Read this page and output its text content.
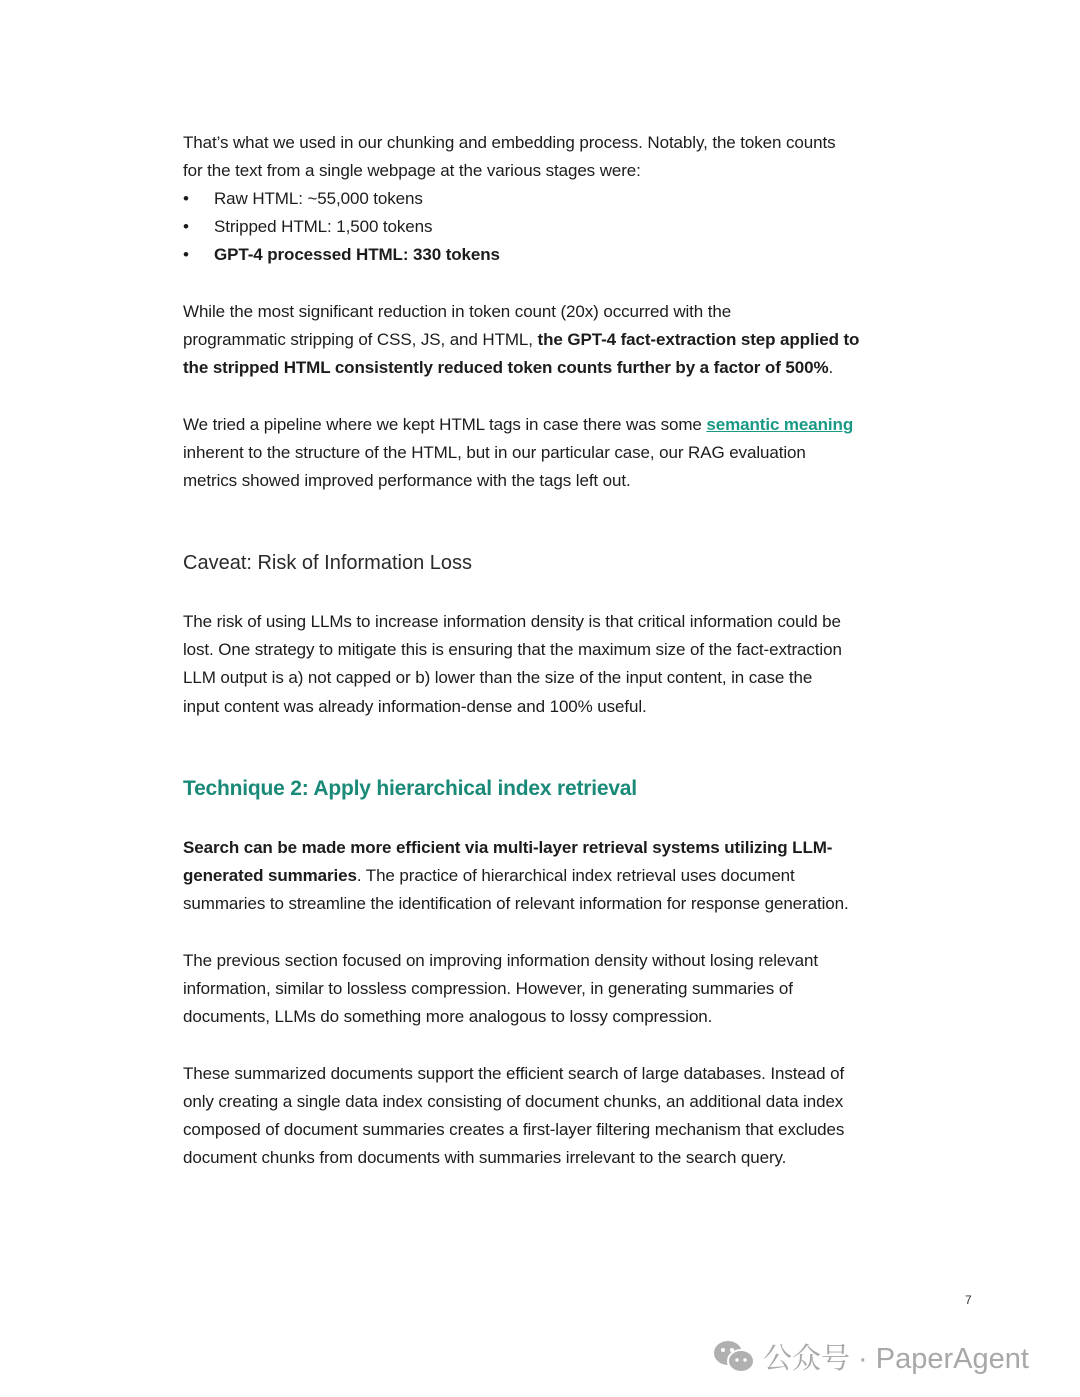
That’s what we used in our chunking and embedding process. Notably, the token counts
for the text from a single webpage at the various stages were:
• Raw HTML: ~55,000 tokens
• Stripped HTML: 1,500 tokens
• GPT-4 processed HTML: 330 tokens
While the most significant reduction in token count (20x) occurred with the
programmatic stripping of CSS, JS, and HTML, the GPT-4 fact-extraction step applied to
the stripped HTML consistently reduced token counts further by a factor of 500%.
We tried a pipeline where we kept HTML tags in case there was some semantic meaning
inherent to the structure of the HTML, but in our particular case, our RAG evaluation
metrics showed improved performance with the tags left out.
The risk of using LLMs to increase information density is that critical information could be
lost. One strategy to mitigate this is ensuring that the maximum size of the fact-extraction
LLM output is a) not capped or b) lower than the size of the input content, in case the
input content was already information-dense and 100% useful.
Search can be made more efficient via multi-layer retrieval systems utilizing LLM-
generated summaries. The practice of hierarchical index retrieval uses document
summaries to streamline the identification of relevant information for response generation.
The previous section focused on improving information density without losing relevant
information, similar to lossless compression. However, in generating summaries of
documents, LLMs do something more analogous to lossy compression.
These summarized documents support the efficient search of large databases. Instead of
only creating a single data index consisting of document chunks, an additional data index
composed of document summaries creates a first-layer filtering mechanism that excludes
document chunks from documents with summaries irrelevant to the search query.
Caveat: Risk of Information Loss
Technique 2: Apply hierarchical index retrieval
7
公众号 · PaperAgent
